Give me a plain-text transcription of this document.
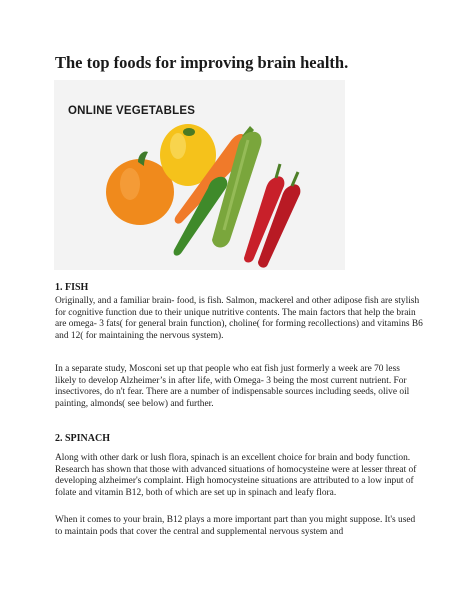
The top foods for improving brain health.
ONLINE VEGETABLES
1. FISH
Originally, and a familiar brain- food, is fish. Salmon, mackerel and other adipose fish are stylish for cognitive function due to their unique nutritive contents. The main factors that help the brain are omega- 3 fats( for general brain function), choline( for forming recollections) and vitamins B6 and 12( for maintaining the nervous system).
In a separate study, Mosconi set up that people who eat fish just formerly a week are 70 less likely to develop Alzheimer’s in after life, with Omega- 3 being the most current nutrient. For insectivores, do n't fear. There are a number of indispensable sources including seeds, olive oil painting, almonds( see below) and further.
2. SPINACH
Along with other dark or lush flora, spinach is an excellent choice for brain and body function. Research has shown that those with advanced situations of homocysteine were at lesser threat of developing alzheimer's complaint. High homocysteine situations are attributed to a low input of folate and vitamin B12, both of which are set up in spinach and leafy flora.
When it comes to your brain, B12 plays a more important part than you might suppose. It's used to maintain pods that cover the central and supplemental nervous system and
